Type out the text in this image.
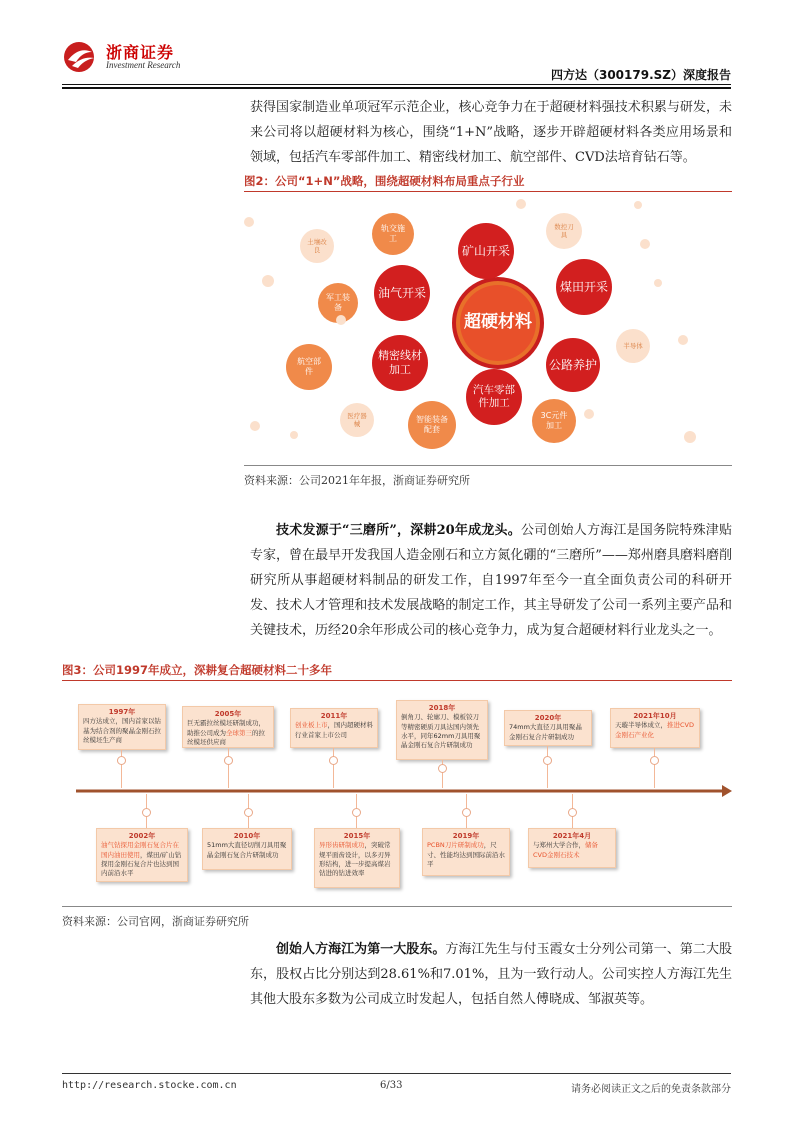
浙商证券
Investment Research
四方达（300179.SZ）深度报告
获得国家制造业单项冠军示范企业，核心竞争力在于超硬材料强技术积累与研发，未来公司将以超硬材料为核心，围绕“1+N”战略，逐步开辟超硬材料各类应用场景和领域，包括汽车零部件加工、精密线材加工、航空部件、CVD法培育钻石等。
图2：公司“1+N”战略，围绕超硬材料布局重点子行业
超硬材料
矿山开采
煤田开采
油气开采
公路养护
精密线材加工
汽车零部件加工
轨交施工
军工装备
航空部件
智能装备配套
3C元件加工
土壤改良
数控刀具
半导体
医疗器械
资料来源：公司2021年年报，浙商证券研究所
技术发源于“三磨所”，深耕20年成龙头。公司创始人方海江是国务院特殊津贴专家，曾在最早开发我国人造金刚石和立方氮化硼的“三磨所”——郑州磨具磨料磨削研究所从事超硬材料制品的研发工作，自1997年至今一直全面负责公司的科研开发、技术人才管理和技术发展战略的制定工作，其主导研发了公司一系列主要产品和关键技术，历经20余年形成公司的核心竞争力，成为复合超硬材料行业龙头之一。
图3：公司1997年成立，深耕复合超硬材料二十多年
1997年
四方达成立，国内首家以钴基为结合剂的聚晶金刚石拉丝模坯生产商
2005年
巨无霸拉丝模坯研制成功，助推公司成为全球第三的拉丝模坯供应商
2011年
创业板上市，国内超硬材料行业首家上市公司
2018年
倒角刀、轮廓刀、模板铰刀等精密硬质刀具达国内领先水平，同年62mm刀具用聚晶金刚石复合片研制成功
2020年
74mm大直径刀具用聚晶金刚石复合片研制成功
2021年10月
天璇半导体成立，推进CVD金刚石产业化
2002年
油气钻探用金刚石复合片在国内油田使用，煤田/矿山钻探用金刚石复合片也达到国内前沿水平
2010年
51mm大直径切削刀具用聚晶金刚石复合片研制成功
2015年
异形齿研制成功，突破常规平面齿设计，以多刃异形结构，进一步提高煤岩钻进的钻进效率
2019年
PCBN刀片研制成功，尺寸、性能均达到国际前沿水平
2021年4月
与郑州大学合作，储备CVD金刚石技术
资料来源：公司官网，浙商证券研究所
创始人方海江为第一大股东。方海江先生与付玉霞女士分列公司第一、第二大股东，股权占比分别达到28.61%和7.01%，且为一致行动人。公司实控人方海江先生其他大股东多数为公司成立时发起人，包括自然人傅晓成、邹淑英等。
http://research.stocke.com.cn	6/33	请务必阅读正文之后的免责条款部分
